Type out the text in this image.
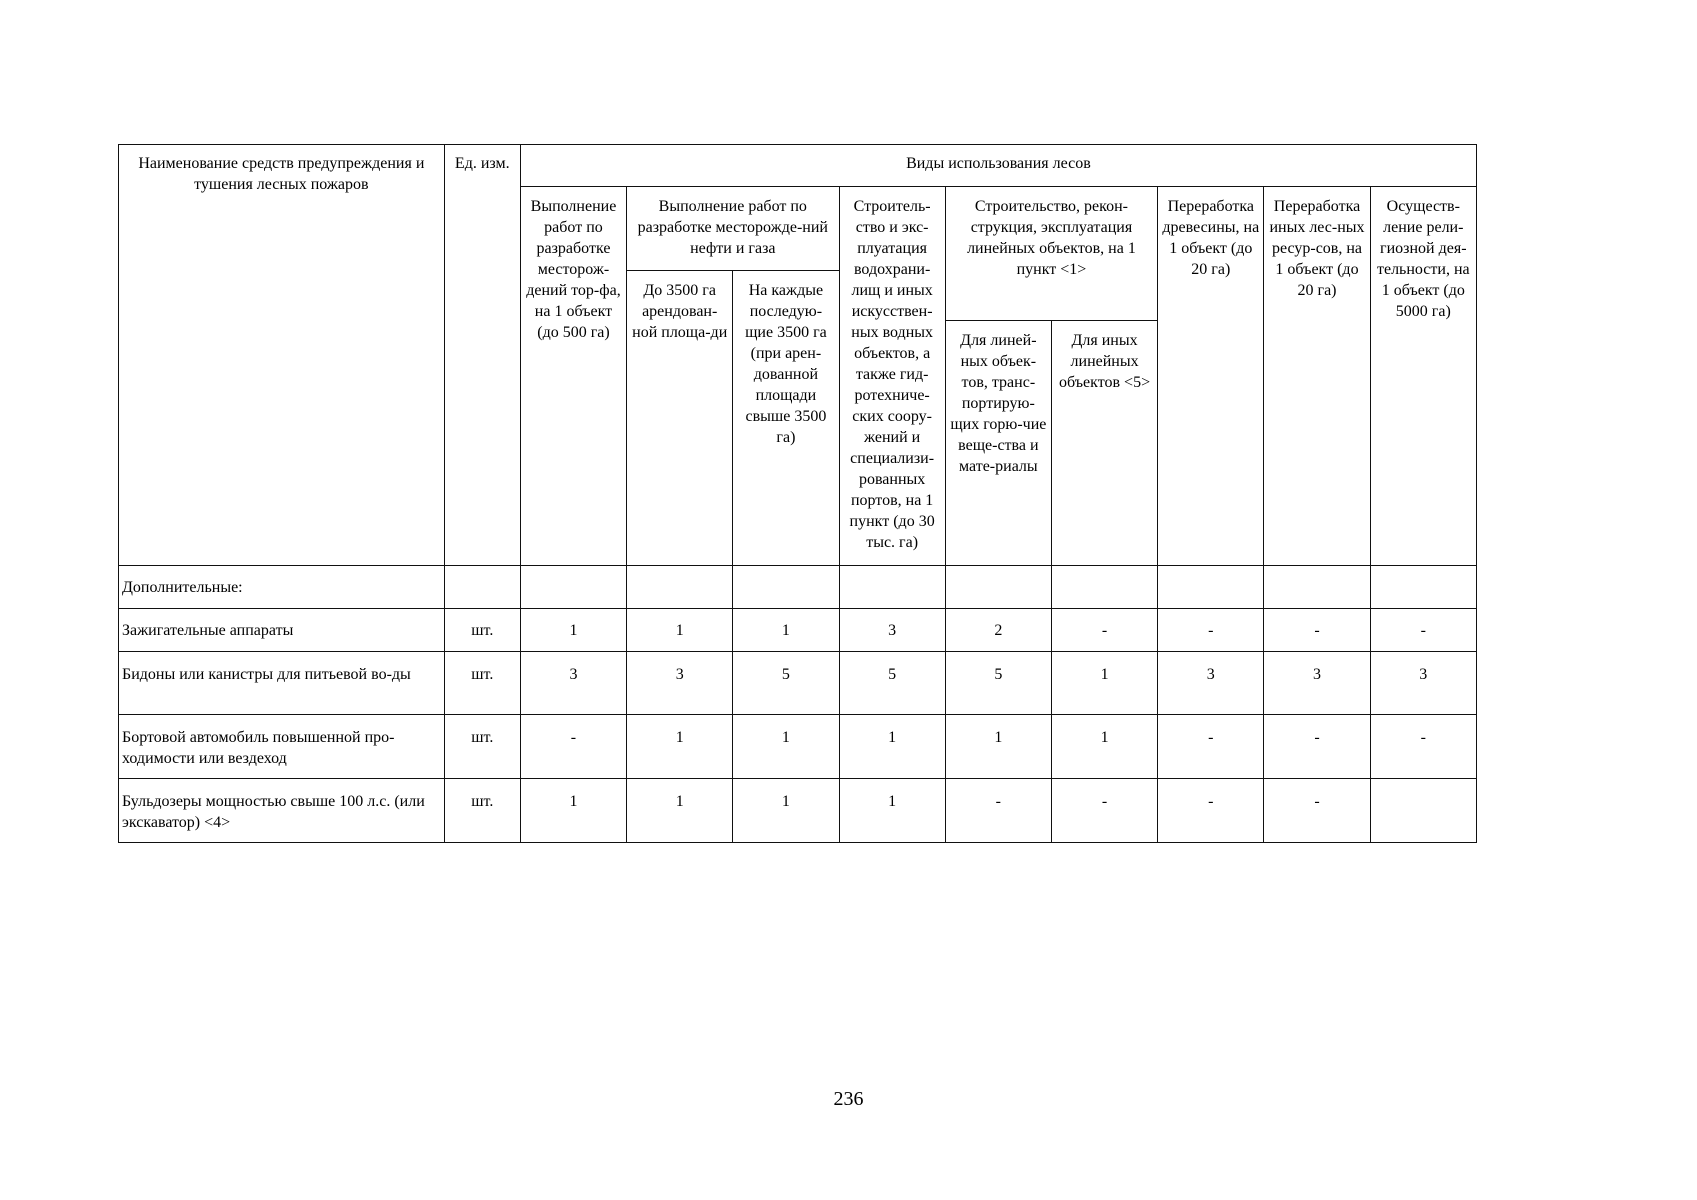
Наименование средств предупреждения и тушения лесных пожаров	Ед. изм.	Виды использования лесов								
		Выполнение работ по разработке месторож-дений тор-фа, на 1 объект (до 500 га)	Выполнение работ по разработке месторожде-ний нефти и газа		Строитель-ство и экс-плуатация водохрани-лищ и иных искусствен-ных водных объектов, а также гид-ротехниче-ских соору-жений и специализи-рованных портов, на 1 пункт (до 30 тыс. га)	Строительство, рекон-струкция, эксплуатация линейных объектов, на 1 пункт <1>		Переработка древесины, на 1 объект (до 20 га)	Переработка иных лес-ных ресур-сов, на 1 объект (до 20 га)	Осуществ-ление рели-гиозной дея-тельности, на 1 объект (до 5000 га)
			До 3500 га арендован-ной площа-ди	На каждые последую-щие 3500 га (при арен-дованной площади свыше 3500 га)						
						Для линей-ных объек-тов, транс-портирую-щих горю-чие веще-ства и мате-риалы	Для иных линейных объектов <5>			
Дополнительные:										
Зажигательные аппараты	шт.	1	1	1	3	2	-	-	-	-
Бидоны или канистры для питьевой во-ды	шт.	3	3	5	5	5	1	3	3	3
Бортовой автомобиль повышенной про-ходимости или вездеход	шт.	-	1	1	1	1	1	-	-	-
Бульдозеры мощностью свыше 100 л.с. (или экскаватор) <4>	шт.	1	1	1	1	-	-	-	-	
236
